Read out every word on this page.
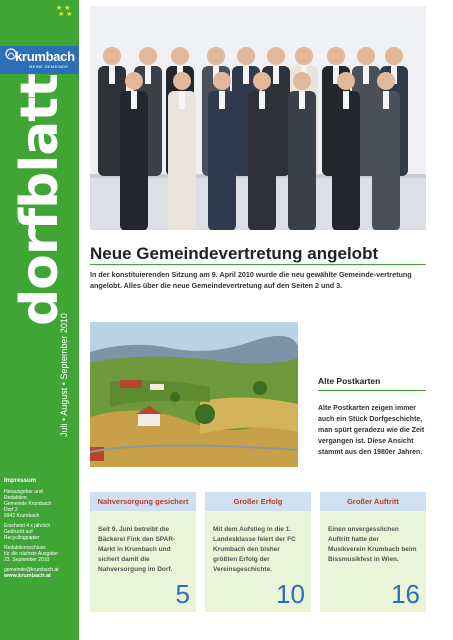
★ ★
★ ★
krumbach
MEINE GEMEINDE
dorfblatt
Juli • August • September 2010
Impressum
Herausgeber und
Redaktion:
Gemeinde Krumbach
Dorf 2
6942 Krumbach
Erscheint 4 x jährlich
Gedruckt auf
Recyclingpapier
Redaktionsschluss
für die nächste Ausgabe:
23. September 2010
gemeinde@krumbach.at
www.krumbach.at
Neue Gemeindevertretung angelobt
In der konstituierenden Sitzung am 9. April 2010 wurde die neu gewählte Gemeinde-vertretung angelobt. Alles über die neue Gemeindevertretung auf den Seiten 2 und 3.
Alte Postkarten
Alte Postkarten zeigen immer auch ein Stück Dorfgeschichte, man spürt geradezu wie die Zeit vergangen ist. Diese Ansicht stammt aus den 1980er Jahren.
Nahversorgung gesichert
Seit 9. Juni betreibt die Bäckerei Fink den SPAR-Markt in Krumbach und sichert damit die Nahversorgung im Dorf.
5
Großer Erfolg
Mit dem Aufstieg in die 1. Landesklasse feiert der FC Krumbach den bisher größten Erfolg der Vereinsgeschichte.
10
Großer Auftritt
Einen unvergesslichen Auftritt hatte der Musikverein Krumbach beim Bissmusikfest in Wien.
16
